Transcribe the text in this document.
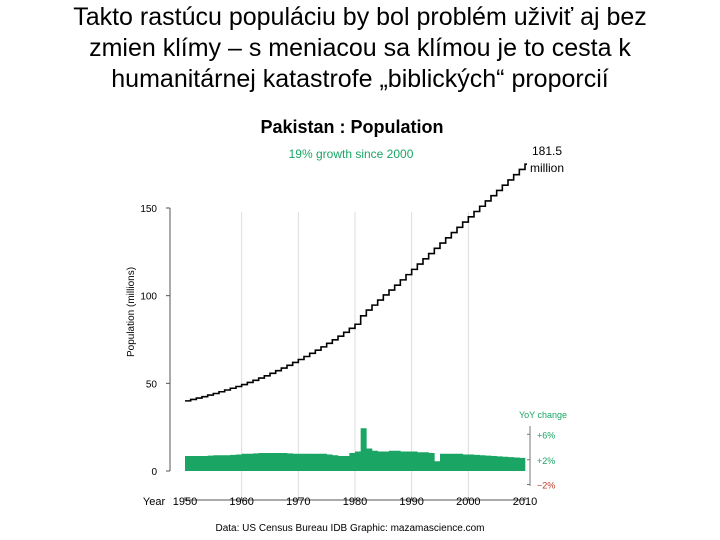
Takto rastúcu populáciu by bol problém uživiť aj bez
zmien klímy – s meniacou sa klímou je to cesta k
humanitárnej katastrofe „biblických“ proporcií
Pakistan : Population
19% growth since 2000
Population (millions)
Year
181.5
million
YoY change
Data: US Census Bureau IDB Graphic: mazamascience.com
0
50
100
150
1950	1960	1970	1980	1990	2000	2010
+6%
+2%
−2%
